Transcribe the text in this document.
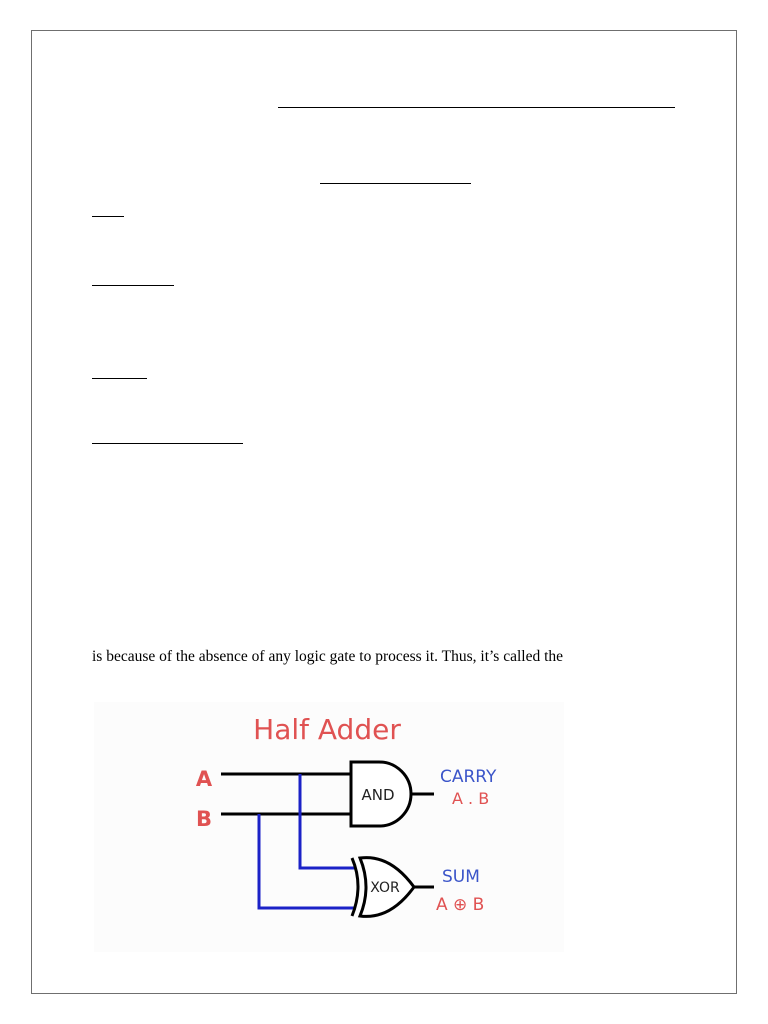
is because of the absence of any logic gate to process it. Thus, it’s called the
Half Adder
A
B
AND
XOR
CARRY
A . B
SUM
A ⊕ B
